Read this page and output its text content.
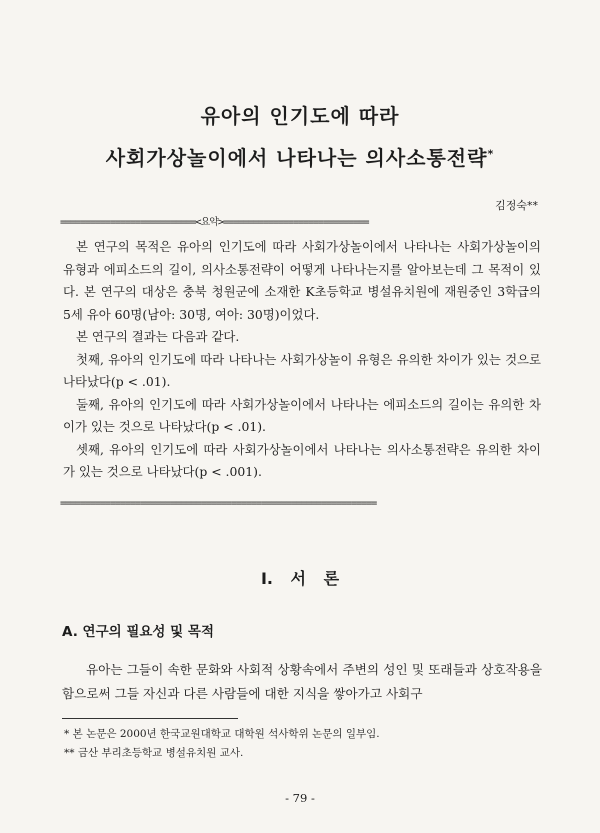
유아의 인기도에 따라
사회가상놀이에서 나타나는 의사소통전략*
김정숙**
===========================<요약>=============================

본 연구의 목적은 유아의 인기도에 따라 사회가상놀이에서 나타나는 사회가상놀이의 유형과 에피소드의 길이, 의사소통전략이 어떻게 나타나는지를 알아보는데 그 목적이 있다. 본 연구의 대상은 충북 청원군에 소재한 K초등학교 병설유치원에 재원중인 3학급의 5세 유아 60명(남아: 30명, 여아: 30명)이었다.

본 연구의 결과는 다음과 같다.

첫째, 유아의 인기도에 따라 나타나는 사회가상놀이 유형은 유의한 차이가 있는 것으로 나타났다(p < .01).

둘째, 유아의 인기도에 따라 사회가상놀이에서 나타나는 에피소드의 길이는 유의한 차이가 있는 것으로 나타났다(p < .01).

셋째, 유아의 인기도에 따라 사회가상놀이에서 나타나는 의사소통전략은 유의한 차이가 있는 것으로 나타났다(p < .001).

===============================================================
I. 서 론
A. 연구의 필요성 및 목적

유아는 그들이 속한 문화와 사회적 상황속에서 주변의 성인 및 또래들과 상호작용을 함으로써 그들 자신과 다른 사람들에 대한 지식을 쌓아가고 사회구

* 본 논문은 2000년 한국교원대학교 대학원 석사학위 논문의 일부임.
** 금산 부리초등학교 병설유치원 교사.
- 79 -
